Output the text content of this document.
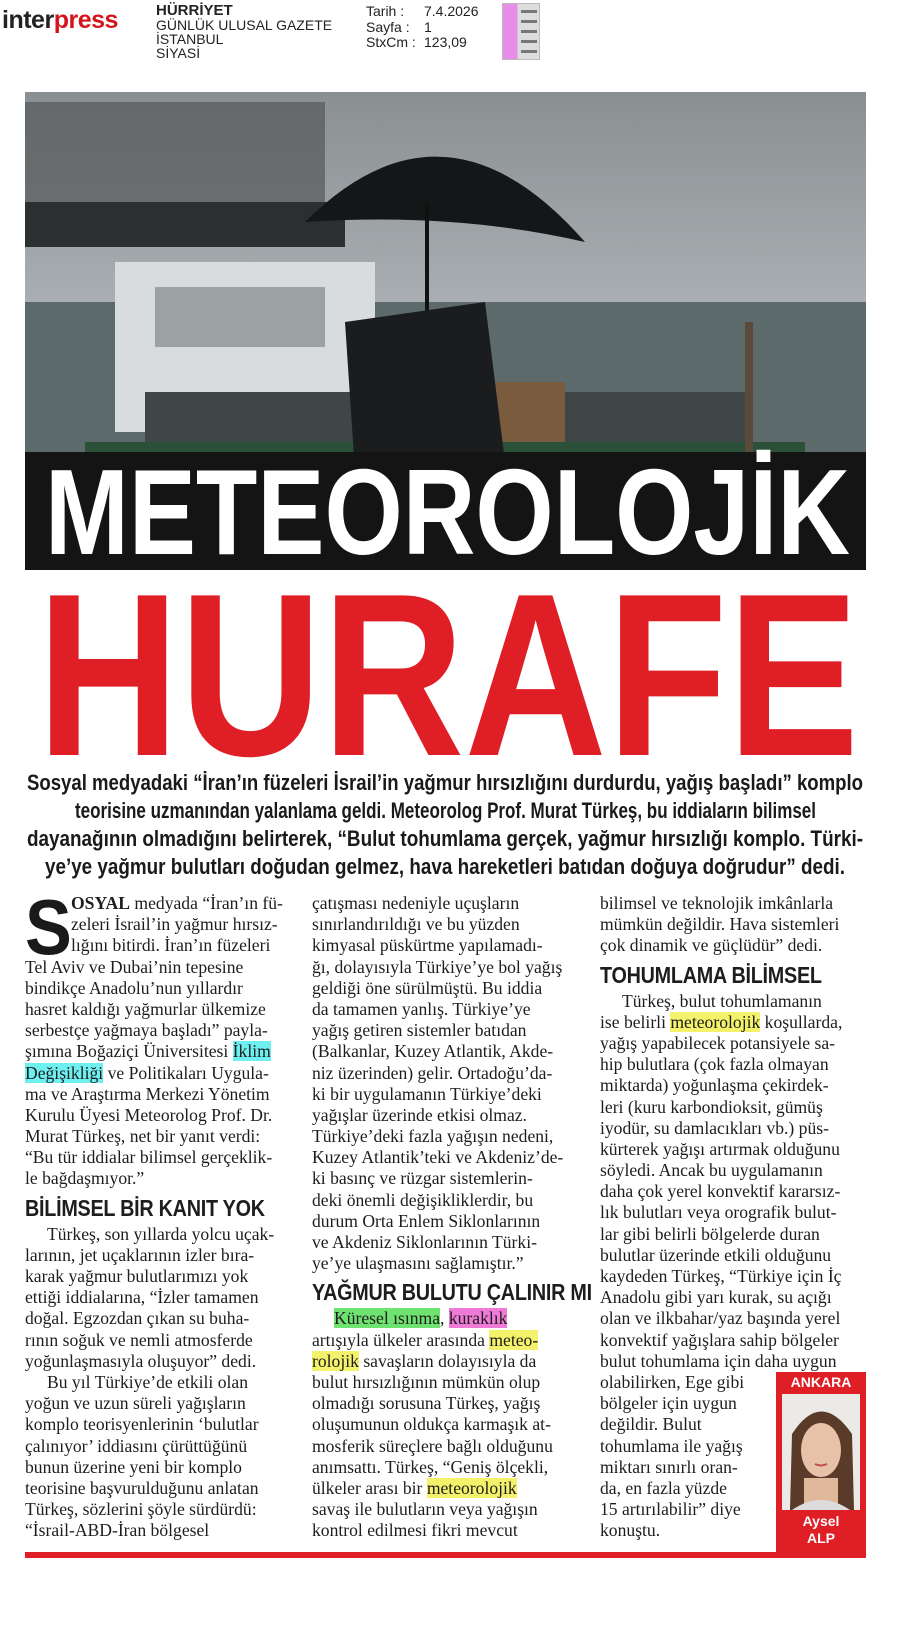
interpress	HÜRRİYET
GÜNLÜK ULUSAL GAZETE
İSTANBUL
SİYASİ
Tarih :	7.4.2026
Sayfa :	1
StxCm : 123,09
METEOROLOJİK
HURAFE
Sosyal medyadaki “İran’ın füzeleri İsrail’in yağmur hırsızlığını durdurdu, yağış başladı” komplo
teorisine uzmanından yalanlama geldi. Meteorolog Prof. Murat Türkeş, bu iddiaların bilimsel
dayanağının olmadığını belirterek, “Bulut tohumlama gerçek, yağmur hırsızlığı komplo. Türki-
ye’ye yağmur bulutları doğudan gelmez, hava hareketleri batıdan doğuya doğrudur” dedi.
OSYAL medyada “İran’ın fü-
zeleri İsrail’in yağmur hırsız-
lığını bitirdi. İran’ın füzeleri
Tel Aviv ve Dubai’nin tepesine
bindikçe Anadolu’nun yıllardır
hasret kaldığı yağmurlar ülkemize
serbestçe yağmaya başladı” payla-
şımına Boğaziçi Üniversitesi İklim
Değişikliği ve Politikaları Uygula-
ma ve Araştırma Merkezi Yönetim
Kurulu Üyesi Meteorolog Prof. Dr.
Murat Türkeş, net bir yanıt verdi:
“Bu tür iddialar bilimsel gerçeklik-
le bağdaşmıyor.”
S
BİLİMSEL BİR KANIT YOK
Türkeş, son yıllarda yolcu uçak-
larının, jet uçaklarının izler bıra-
karak yağmur bulutlarımızı yok
ettiği iddialarına, “İzler tamamen
doğal. Egzozdan çıkan su buha-
rının soğuk ve nemli atmosferde
yoğunlaşmasıyla oluşuyor” dedi.
Bu yıl Türkiye’de etkili olan
yoğun ve uzun süreli yağışların
komplo teorisyenlerinin ‘bulutlar
çalınıyor’ iddiasını çürüttüğünü
bunun üzerine yeni bir komplo
teorisine başvurulduğunu anlatan
Türkeş, sözlerini şöyle sürdürdü:
“İsrail-ABD-İran bölgesel
çatışması nedeniyle uçuşların
sınırlandırıldığı ve bu yüzden
kimyasal püskürtme yapılamadı-
ğı, dolayısıyla Türkiye’ye bol yağış
geldiği öne sürülmüştü. Bu iddia
da tamamen yanlış. Türkiye’ye
yağış getiren sistemler batıdan
(Balkanlar, Kuzey Atlantik, Akde-
niz üzerinden) gelir. Ortadoğu’da-
ki bir uygulamanın Türkiye’deki
yağışlar üzerinde etkisi olmaz.
Türkiye’deki fazla yağışın nedeni,
Kuzey Atlantik’teki ve Akdeniz’de-
ki basınç ve rüzgar sistemlerin-
deki önemli değişikliklerdir, bu
durum Orta Enlem Siklonlarının
ve Akdeniz Siklonlarının Türki-
ye’ye ulaşmasını sağlamıştır.”
YAĞMUR BULUTU ÇALINIR MI
Küresel ısınma, kuraklık
artışıyla ülkeler arasında meteo-
rolojik savaşların dolayısıyla da
bulut hırsızlığının mümkün olup
olmadığı sorusuna Türkeş, yağış
oluşumunun oldukça karmaşık at-
mosferik süreçlere bağlı olduğunu
anımsattı. Türkeş, “Geniş ölçekli,
ülkeler arası bir meteorolojik
savaş ile bulutların veya yağışın
kontrol edilmesi fikri mevcut
bilimsel ve teknolojik imkânlarla
mümkün değildir. Hava sistemleri
çok dinamik ve güçlüdür” dedi.
TOHUMLAMA BİLİMSEL
Türkeş, bulut tohumlamanın
ise belirli meteorolojik koşullarda,
yağış yapabilecek potansiyele sa-
hip bulutlara (çok fazla olmayan
miktarda) yoğunlaşma çekirdek-
leri (kuru karbondioksit, gümüş
iyodür, su damlacıkları vb.) püs-
kürterek yağışı artırmak olduğunu
söyledi. Ancak bu uygulamanın
daha çok yerel konvektif kararsız-
lık bulutları veya orografik bulut-
lar gibi belirli bölgelerde duran
bulutlar üzerinde etkili olduğunu
kaydeden Türkeş, “Türkiye için İç
Anadolu gibi yarı kurak, su açığı
olan ve ilkbahar/yaz başında yerel
konvektif yağışlara sahip bölgeler
bulut tohumlama için daha uygun
olabilirken, Ege gibi
bölgeler için uygun
değildir. Bulut
tohumlama ile yağış
miktarı sınırlı oran-
da, en fazla yüzde
15 artırılabilir” diye
konuştu.
ANKARA
Aysel
ALP
